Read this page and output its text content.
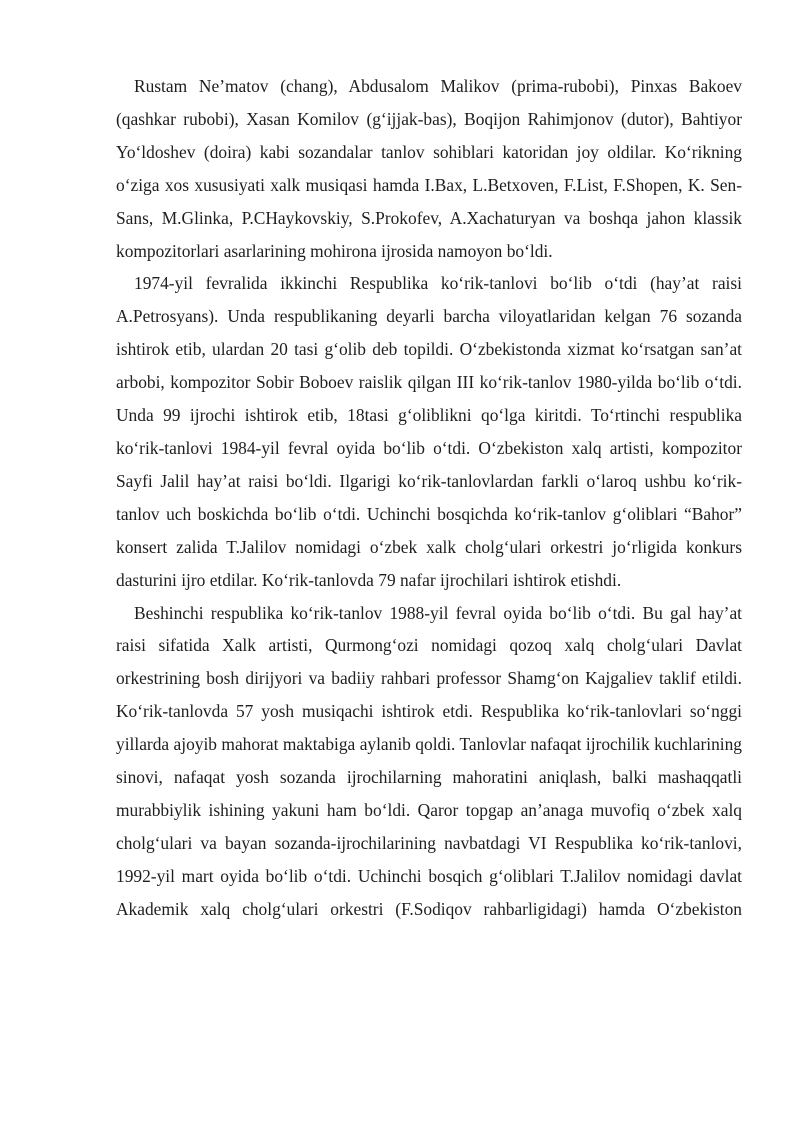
Rustam Ne’matov (chang), Abdusalom Malikov (prima-rubobi), Pinxas Bakoev (qashkar rubobi), Xasan Komilov (g‘ijjak-bas), Boqijon Rahimjonov (dutor), Bahtiyor Yo‘ldoshev (doira) kabi sozandalar tanlov sohiblari katoridan joy oldilar. Ko‘rikning o‘ziga xos xususiyati xalk musiqasi hamda I.Bax, L.Betxoven, F.List, F.Shopen, K. Sen-Sans, M.Glinka, P.CHaykovskiy, S.Prokofev, A.Xachaturyan va boshqa jahon klassik kompozitorlari asarlarining mohirona ijrosida namoyon bo‘ldi.

1974-yil fevralida ikkinchi Respublika ko‘rik-tanlovi bo‘lib o‘tdi (hay’at raisi A.Petrosyans). Unda respublikaning deyarli barcha viloyatlaridan kelgan 76 sozanda ishtirok etib, ulardan 20 tasi g‘olib deb topildi. O‘zbekistonda xizmat ko‘rsatgan san’at arbobi, kompozitor Sobir Boboev raislik qilgan III ko‘rik-tanlov 1980-yilda bo‘lib o‘tdi. Unda 99 ijrochi ishtirok etib, 18tasi g‘oliblikni qo‘lga kiritdi. To‘rtinchi respublika ko‘rik-tanlovi 1984-yil fevral oyida bo‘lib o‘tdi. O‘zbekiston xalq artisti, kompozitor Sayfi Jalil hay’at raisi bo‘ldi. Ilgarigi ko‘rik-tanlovlardan farkli o‘laroq ushbu ko‘rik-tanlov uch boskichda bo‘lib o‘tdi. Uchinchi bosqichda ko‘rik-tanlov g‘oliblari “Bahor” konsert zalida T.Jalilov nomidagi o‘zbek xalk cholg‘ulari orkestri jo‘rligida konkurs dasturini ijro etdilar. Ko‘rik-tanlovda 79 nafar ijrochilari ishtirok etishdi.

Beshinchi respublika ko‘rik-tanlov 1988-yil fevral oyida bo‘lib o‘tdi. Bu gal hay’at raisi sifatida Xalk artisti, Qurmong‘ozi nomidagi qozoq xalq cholg‘ulari Davlat orkestrining bosh dirijyori va badiiy rahbari professor Shamg‘on Kajgaliev taklif etildi. Ko‘rik-tanlovda 57 yosh musiqachi ishtirok etdi. Respublika ko‘rik-tanlovlari so‘nggi yillarda ajoyib mahorat maktabiga aylanib qoldi. Tanlovlar nafaqat ijrochilik kuchlarining sinovi, nafaqat yosh sozanda ijrochilarning mahoratini aniqlash, balki mashaqqatli murabbiylik ishining yakuni ham bo‘ldi. Qaror topgap an’anaga muvofiq o‘zbek xalq cholg‘ulari va bayan sozanda-ijrochilarining navbatdagi VI Respublika ko‘rik-tanlovi, 1992-yil mart oyida bo‘lib o‘tdi. Uchinchi bosqich g‘oliblari T.Jalilov nomidagi davlat Akademik xalq cholg‘ulari orkestri (F.Sodiqov rahbarligidagi) hamda O‘zbekiston
